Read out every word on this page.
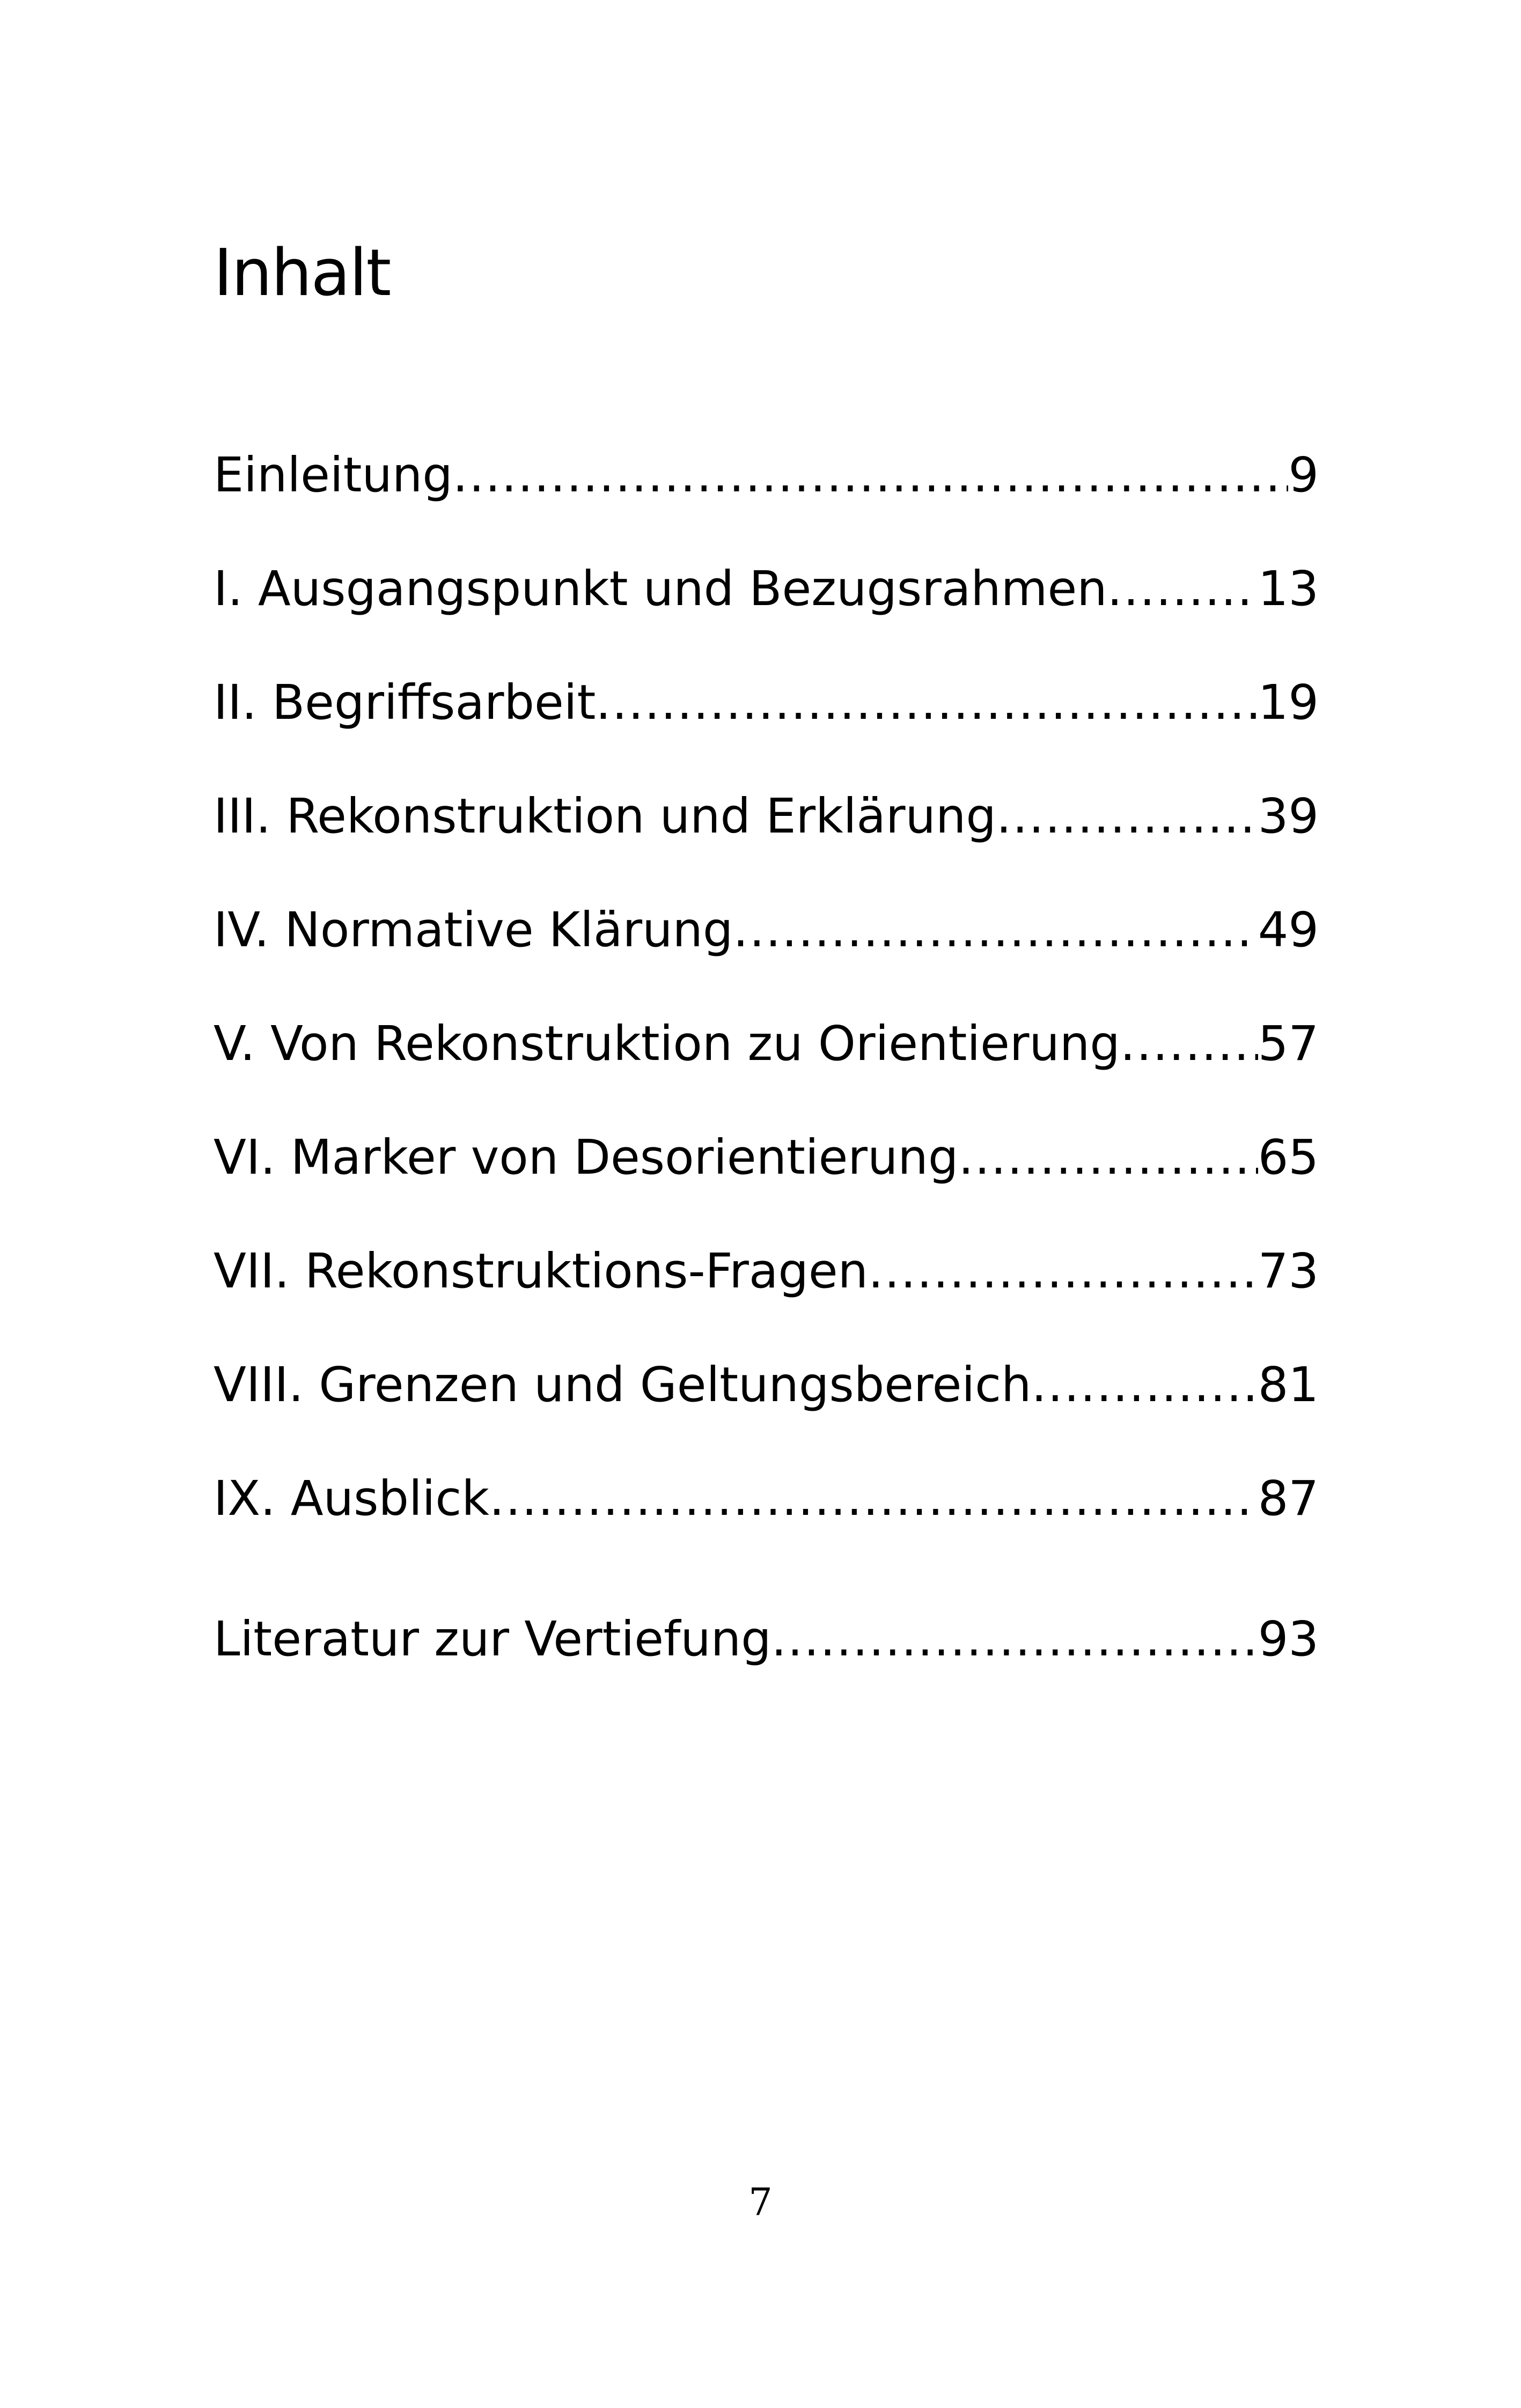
Inhalt
Einleitung .....	9
I. Ausgangspunkt und Bezugsrahmen .....	13
II. Begriffsarbeit .....	19
III. Rekonstruktion und Erklärung .....	39
IV. Normative Klärung .....	49
V. Von Rekonstruktion zu Orientierung .....	57
VI. Marker von Desorientierung .....	65
VII. Rekonstruktions-Fragen .....	73
VIII. Grenzen und Geltungsbereich .....	81
IX. Ausblick .....	87
Literatur zur Vertiefung .....	93
7
